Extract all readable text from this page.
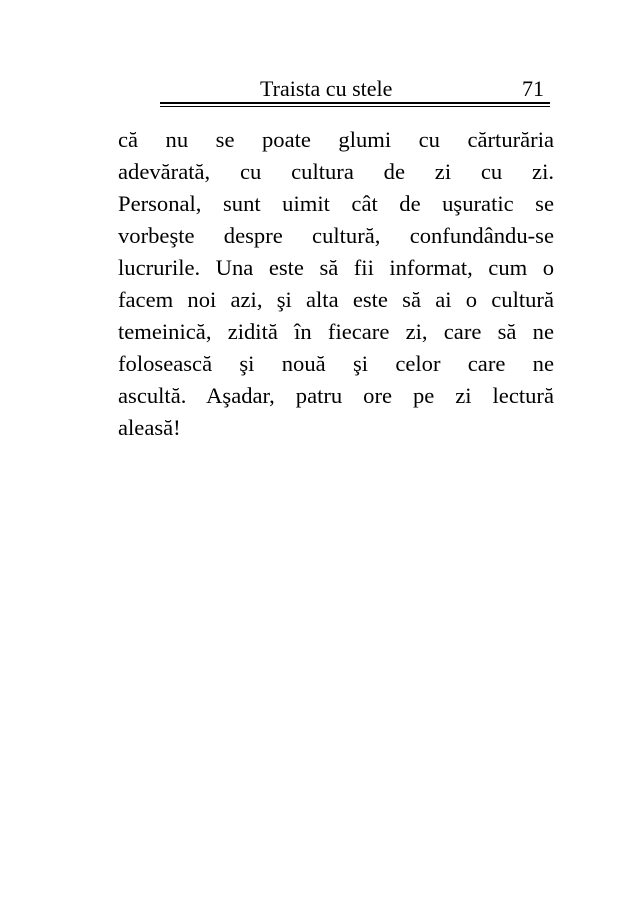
Traista cu stele	71

că nu se poate glumi cu cărturăria
adevărată, cu cultura de zi cu zi.
Personal, sunt uimit cât de uşuratic se
vorbeşte despre cultură, confundându-se
lucrurile. Una este să fii informat, cum o
facem noi azi, şi alta este să ai o cultură
temeinică, zidită în fiecare zi, care să ne
folosească şi nouă şi celor care ne
ascultă. Aşadar, patru ore pe zi lectură
aleasă!
